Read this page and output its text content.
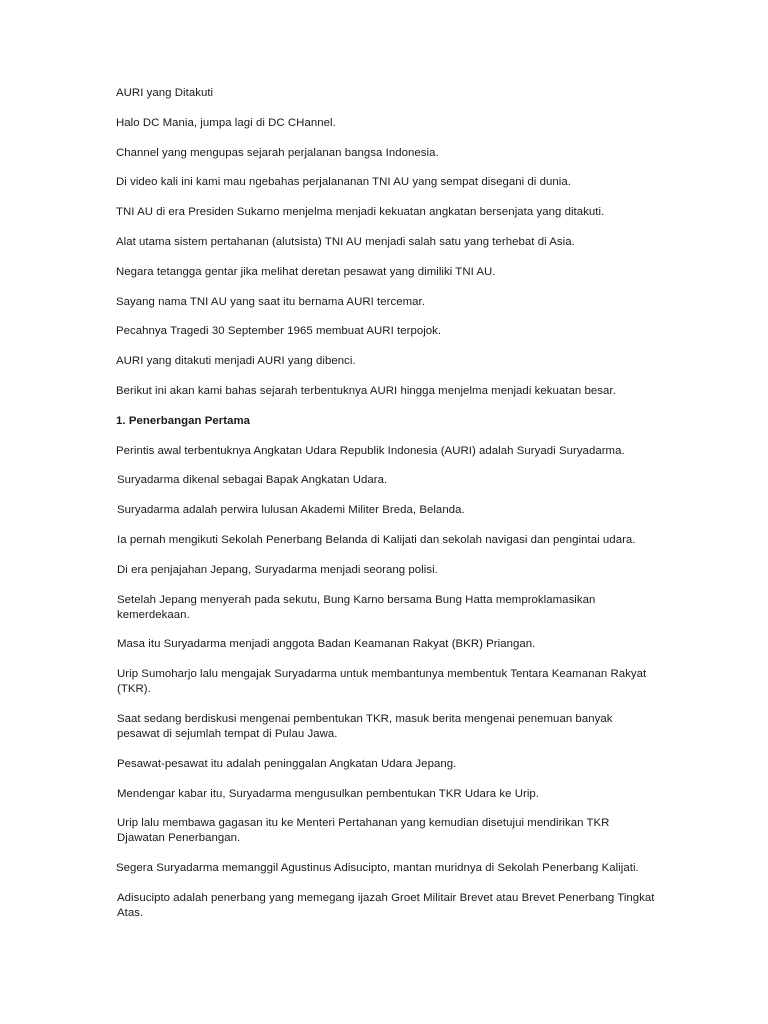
AURI yang Ditakuti

Halo DC Mania, jumpa lagi di DC CHannel.

Channel yang mengupas sejarah perjalanan bangsa Indonesia.

Di video kali ini kami mau ngebahas perjalananan TNI AU yang sempat disegani di dunia.

TNI AU di era Presiden Sukarno menjelma menjadi kekuatan angkatan bersenjata yang ditakuti.

Alat utama sistem pertahanan (alutsista) TNI AU menjadi salah satu yang terhebat di Asia.

Negara tetangga gentar jika melihat deretan pesawat yang dimiliki TNI AU.

Sayang nama TNI AU yang saat itu bernama AURI tercemar.

Pecahnya Tragedi 30 September 1965 membuat AURI terpojok.

AURI yang ditakuti menjadi AURI yang dibenci.

Berikut ini akan kami bahas sejarah terbentuknya AURI hingga menjelma menjadi kekuatan besar.

1. Penerbangan Pertama

Perintis awal terbentuknya Angkatan Udara Republik Indonesia (AURI) adalah Suryadi Suryadarma.

Suryadarma dikenal sebagai Bapak Angkatan Udara.

Suryadarma adalah perwira lulusan Akademi Militer Breda, Belanda.

Ia pernah mengikuti Sekolah Penerbang Belanda di Kalijati dan sekolah navigasi dan pengintai udara.

Di era penjajahan Jepang, Suryadarma menjadi seorang polisi.

Setelah Jepang menyerah pada sekutu, Bung Karno bersama Bung Hatta memproklamasikan kemerdekaan.

Masa itu Suryadarma menjadi anggota Badan Keamanan Rakyat (BKR) Priangan.

Urip Sumoharjo lalu mengajak Suryadarma untuk membantunya membentuk Tentara Keamanan Rakyat (TKR).

Saat sedang berdiskusi mengenai pembentukan TKR, masuk berita mengenai penemuan banyak pesawat di sejumlah tempat di Pulau Jawa.

Pesawat-pesawat itu adalah peninggalan Angkatan Udara Jepang.

Mendengar kabar itu, Suryadarma mengusulkan pembentukan TKR Udara ke Urip.

Urip lalu membawa gagasan itu ke Menteri Pertahanan yang kemudian disetujui mendirikan TKR Djawatan Penerbangan.

Segera Suryadarma memanggil Agustinus Adisucipto, mantan muridnya di Sekolah Penerbang Kalijati.

Adisucipto adalah penerbang yang memegang ijazah Groet Militair Brevet atau Brevet Penerbang Tingkat Atas.
